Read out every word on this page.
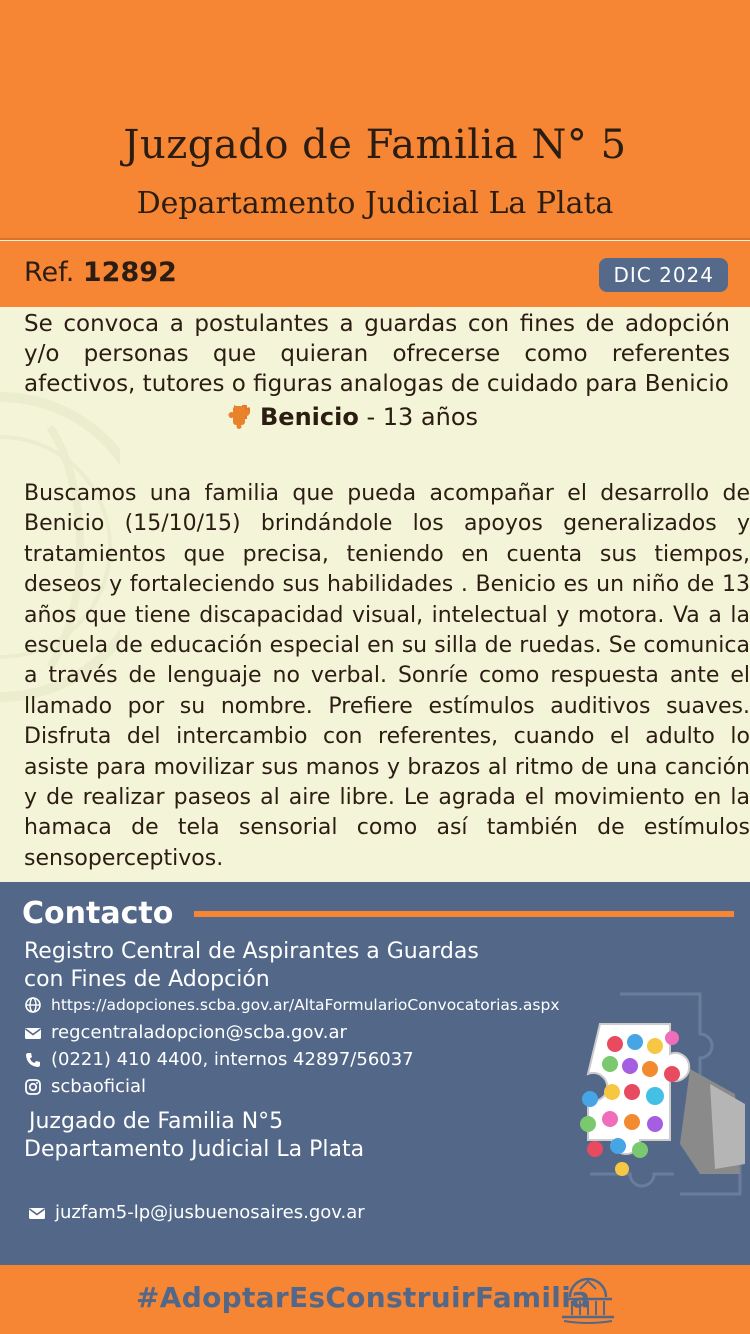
Juzgado de Familia N° 5
Departamento Judicial La Plata
Ref. 12892	DIC 2024

Se convoca a postulantes a guardas con fines de adopción y/o personas que quieran ofrecerse como referentes afectivos, tutores o figuras analogas de cuidado para Benicio

Benicio - 13 años

Buscamos una familia que pueda acompañar el desarrollo de Benicio (15/10/15) brindándole los apoyos generalizados y tratamientos que precisa, teniendo en cuenta sus tiempos, deseos y fortaleciendo sus habilidades . Benicio es un niño de 13 años que tiene discapacidad visual, intelectual y motora. Va a la escuela de educación especial en su silla de ruedas. Se comunica a través de lenguaje no verbal. Sonríe como respuesta ante el llamado por su nombre. Prefiere estímulos auditivos suaves. Disfruta del intercambio con referentes, cuando el adulto lo asiste para movilizar sus manos y brazos al ritmo de una canción y de realizar paseos al aire libre. Le agrada el movimiento en la hamaca de tela sensorial como así también de estímulos sensoperceptivos.

Contacto
Registro Central de Aspirantes a Guardas
con Fines de Adopción
https://adopciones.scba.gov.ar/AltaFormularioConvocatorias.aspx
regcentraladopcion@scba.gov.ar
(0221) 410 4400, internos 42897/56037
scbaoficial
Juzgado de Familia N°5
Departamento Judicial La Plata
juzfam5-lp@jusbuenosaires.gov.ar
#AdoptarEsConstruirFamilia
